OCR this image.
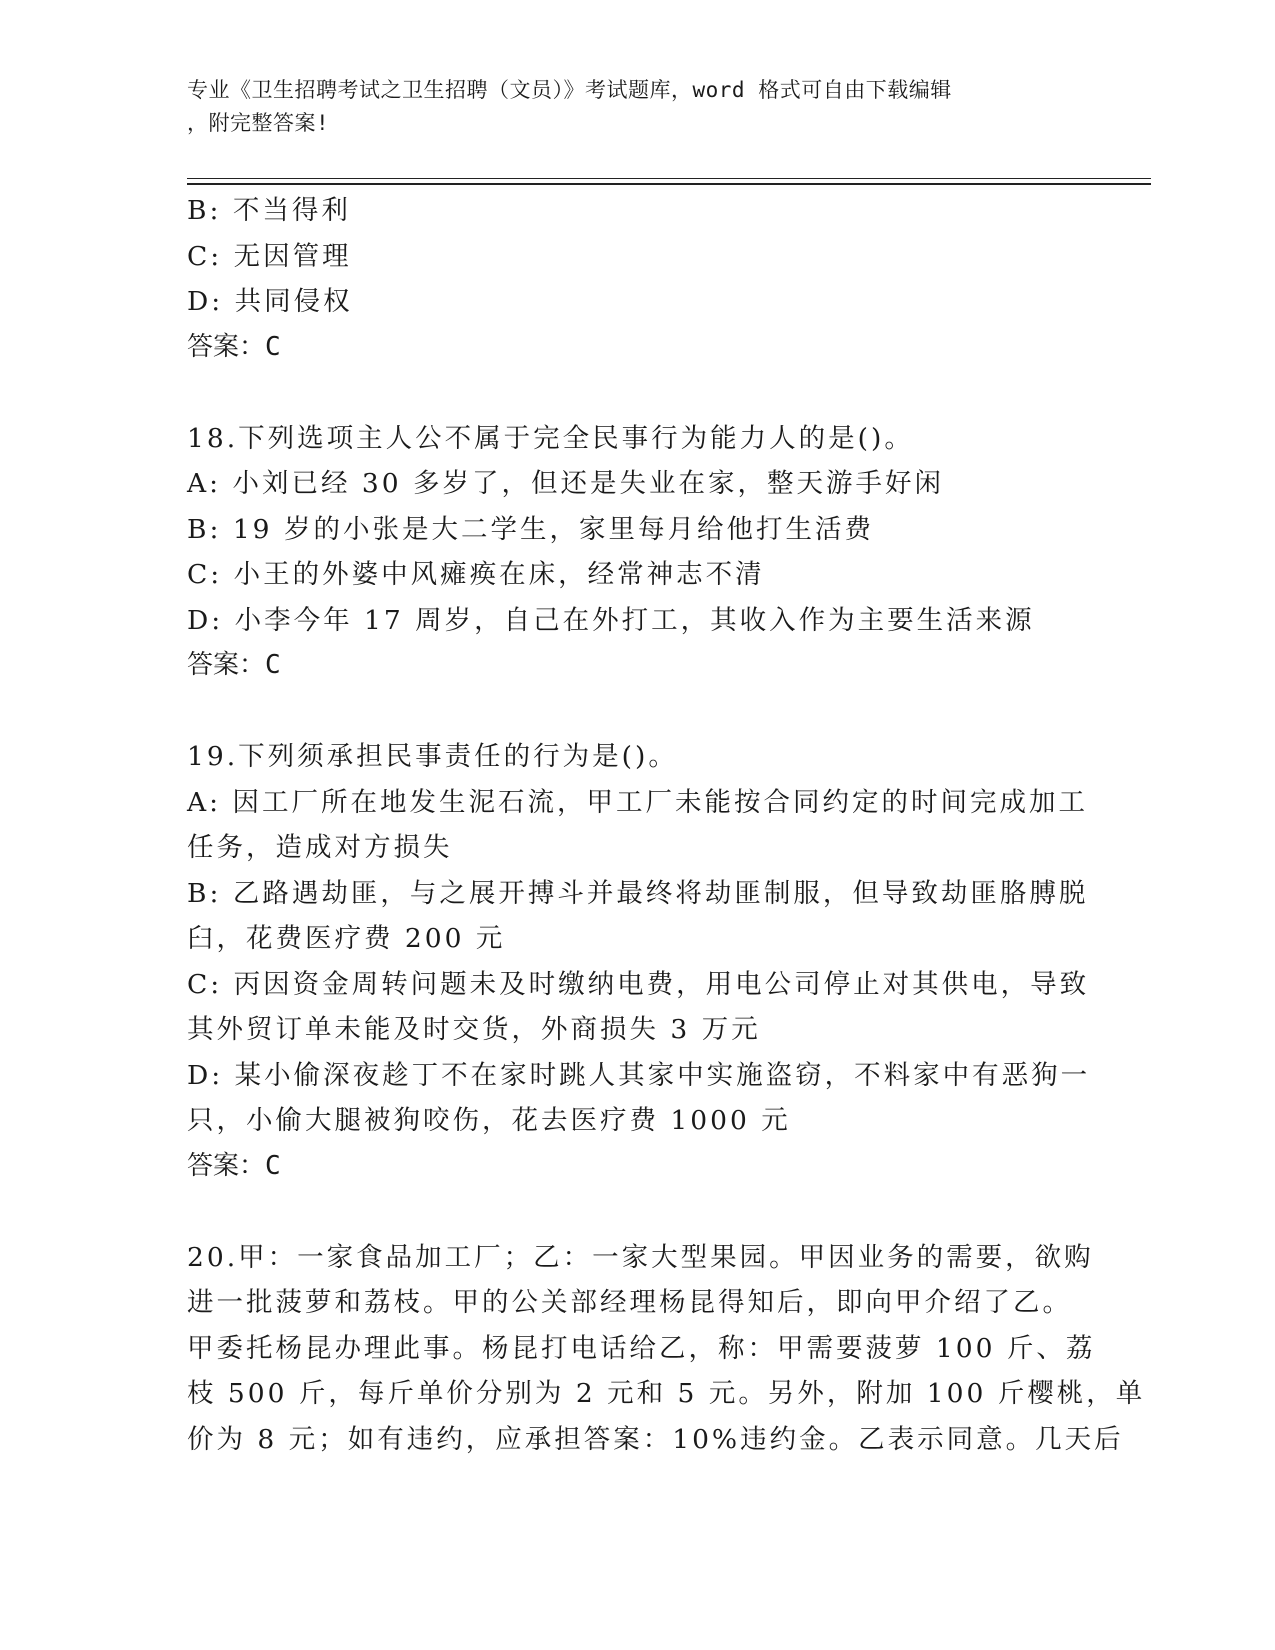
专业《卫生招聘考试之卫生招聘（文员）》考试题库，word 格式可自由下载编辑
，附完整答案!
B: 不当得利
C: 无因管理
D: 共同侵权
答案：C
18.下列选项主人公不属于完全民事行为能力人的是()。
A: 小刘已经 30 多岁了，但还是失业在家，整天游手好闲
B: 19 岁的小张是大二学生，家里每月给他打生活费
C: 小王的外婆中风瘫痪在床，经常神志不清
D: 小李今年 17 周岁，自己在外打工，其收入作为主要生活来源
答案：C
19.下列须承担民事责任的行为是()。
A: 因工厂所在地发生泥石流，甲工厂未能按合同约定的时间完成加工
任务，造成对方损失
B: 乙路遇劫匪，与之展开搏斗并最终将劫匪制服，但导致劫匪胳膊脱
臼，花费医疗费 200 元
C: 丙因资金周转问题未及时缴纳电费，用电公司停止对其供电，导致
其外贸订单未能及时交货，外商损失 3 万元
D: 某小偷深夜趁丁不在家时跳人其家中实施盗窃，不料家中有恶狗一
只，小偷大腿被狗咬伤，花去医疗费 1000 元
答案：C
20.甲：一家食品加工厂；乙：一家大型果园。甲因业务的需要，欲购
进一批菠萝和荔枝。甲的公关部经理杨昆得知后，即向甲介绍了乙。
甲委托杨昆办理此事。杨昆打电话给乙，称：甲需要菠萝 100 斤、荔
枝 500 斤，每斤单价分别为 2 元和 5 元。另外，附加 100 斤樱桃，单
价为 8 元；如有违约，应承担答案：10%违约金。乙表示同意。几天后
